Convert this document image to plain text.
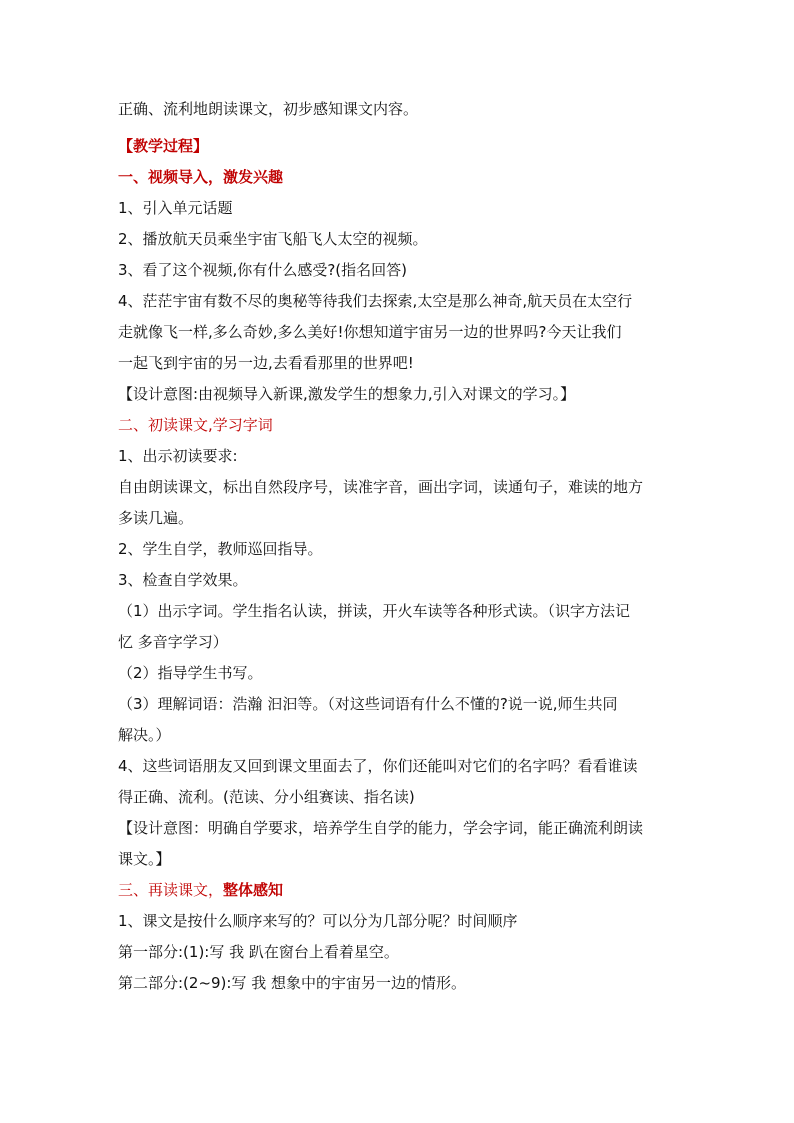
正确、流利地朗读课文，初步感知课文内容。

【教学过程】

一、视频导入，激发兴趣

1、引入单元话题

2、播放航天员乘坐宇宙飞船飞人太空的视频。

3、看了这个视频,你有什么感受?(指名回答)

4、茫茫宇宙有数不尽的奥秘等待我们去探索,太空是那么神奇,航天员在太空行

走就像飞一样,多么奇妙,多么美好!你想知道宇宙另一边的世界吗?今天让我们

一起飞到宇宙的另一边,去看看那里的世界吧!

【设计意图:由视频导入新课,激发学生的想象力,引入对课文的学习。】

二、初读课文,学习字词

1、出示初读要求:

自由朗读课文，标出自然段序号，读准字音，画出字词，读通句子，难读的地方

多读几遍。

2、学生自学，教师巡回指导。

3、检查自学效果。

（1）出示字词。学生指名认读，拼读，开火车读等各种形式读。（识字方法记

忆 多音字学习）

（2）指导学生书写。

（3）理解词语：浩瀚 汩汩等。（对这些词语有什么不懂的?说一说,师生共同

解决。）

4、这些词语朋友又回到课文里面去了，你们还能叫对它们的名字吗？看看谁读

得正确、流利。(范读、分小组赛读、指名读)

【设计意图：明确自学要求，培养学生自学的能力，学会字词，能正确流利朗读

课文。】

三、再读课文，整体感知

1、课文是按什么顺序来写的？可以分为几部分呢？时间顺序

第一部分:(1):写 我 趴在窗台上看着星空。

第二部分:(2~9):写 我 想象中的宇宙另一边的情形。
